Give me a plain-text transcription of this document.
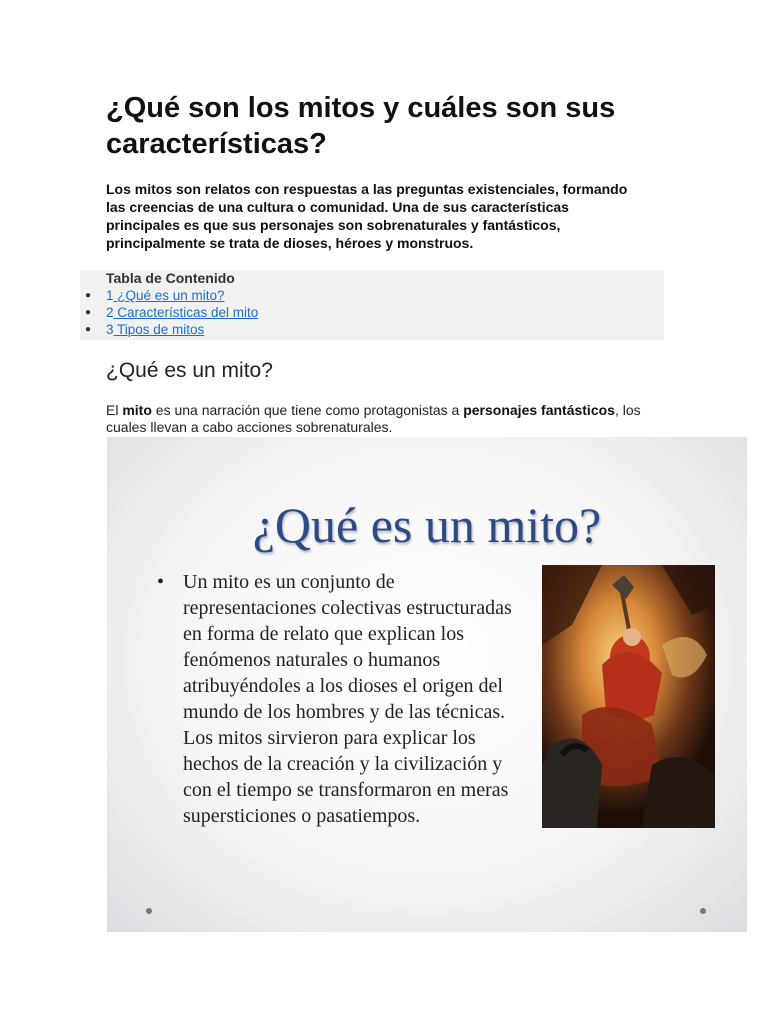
¿Qué son los mitos y cuáles son sus características?

Los mitos son relatos con respuestas a las preguntas existenciales, formando las creencias de una cultura o comunidad. Una de sus características principales es que sus personajes son sobrenaturales y fantásticos, principalmente se trata de dioses, héroes y monstruos.

Tabla de Contenido
● 1 ¿Qué es un mito?
● 2 Características del mito
● 3 Tipos de mitos
¿Qué es un mito?

El mito es una narración que tiene como protagonistas a personajes fantásticos, los cuales llevan a cabo acciones sobrenaturales.

¿Qué es un mito?
• Un mito es un conjunto de representaciones colectivas estructuradas en forma de relato que explican los fenómenos naturales o humanos atribuyéndoles a los dioses el origen del mundo de los hombres y de las técnicas. Los mitos sirvieron para explicar los hechos de la creación y la civilización y con el tiempo se transformaron en meras supersticiones o pasatiempos.
